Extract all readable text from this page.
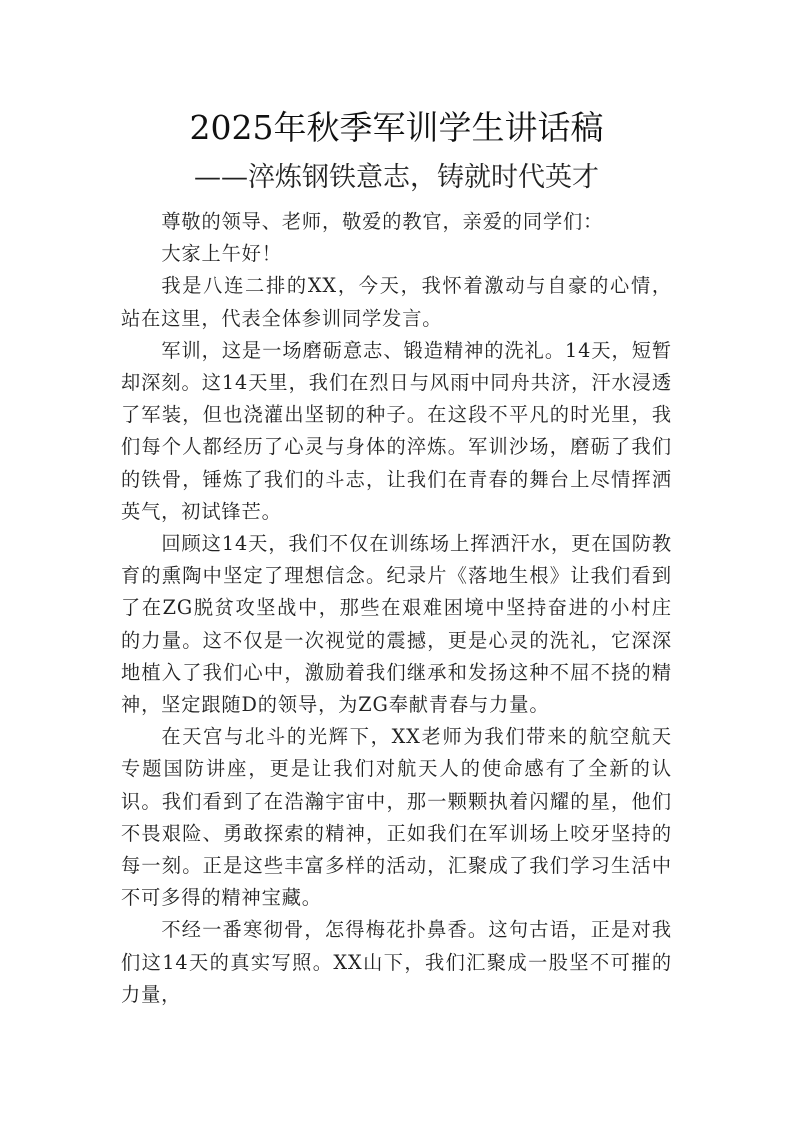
2025年秋季军训学生讲话稿
——淬炼钢铁意志，铸就时代英才

尊敬的领导、老师，敬爱的教官，亲爱的同学们：

大家上午好！

我是八连二排的XX，今天，我怀着激动与自豪的心情，站在这里，代表全体参训同学发言。

军训，这是一场磨砺意志、锻造精神的洗礼。14天，短暂却深刻。这14天里，我们在烈日与风雨中同舟共济，汗水浸透了军装，但也浇灌出坚韧的种子。在这段不平凡的时光里，我们每个人都经历了心灵与身体的淬炼。军训沙场，磨砺了我们的铁骨，锤炼了我们的斗志，让我们在青春的舞台上尽情挥洒英气，初试锋芒。

回顾这14天，我们不仅在训练场上挥洒汗水，更在国防教育的熏陶中坚定了理想信念。纪录片《落地生根》让我们看到了在ZG脱贫攻坚战中，那些在艰难困境中坚持奋进的小村庄的力量。这不仅是一次视觉的震撼，更是心灵的洗礼，它深深地植入了我们心中，激励着我们继承和发扬这种不屈不挠的精神，坚定跟随D的领导，为ZG奉献青春与力量。

在天宫与北斗的光辉下，XX老师为我们带来的航空航天专题国防讲座，更是让我们对航天人的使命感有了全新的认识。我们看到了在浩瀚宇宙中，那一颗颗执着闪耀的星，他们不畏艰险、勇敢探索的精神，正如我们在军训场上咬牙坚持的每一刻。正是这些丰富多样的活动，汇聚成了我们学习生活中不可多得的精神宝藏。

不经一番寒彻骨，怎得梅花扑鼻香。这句古语，正是对我们这14天的真实写照。XX山下，我们汇聚成一股坚不可摧的力量，
